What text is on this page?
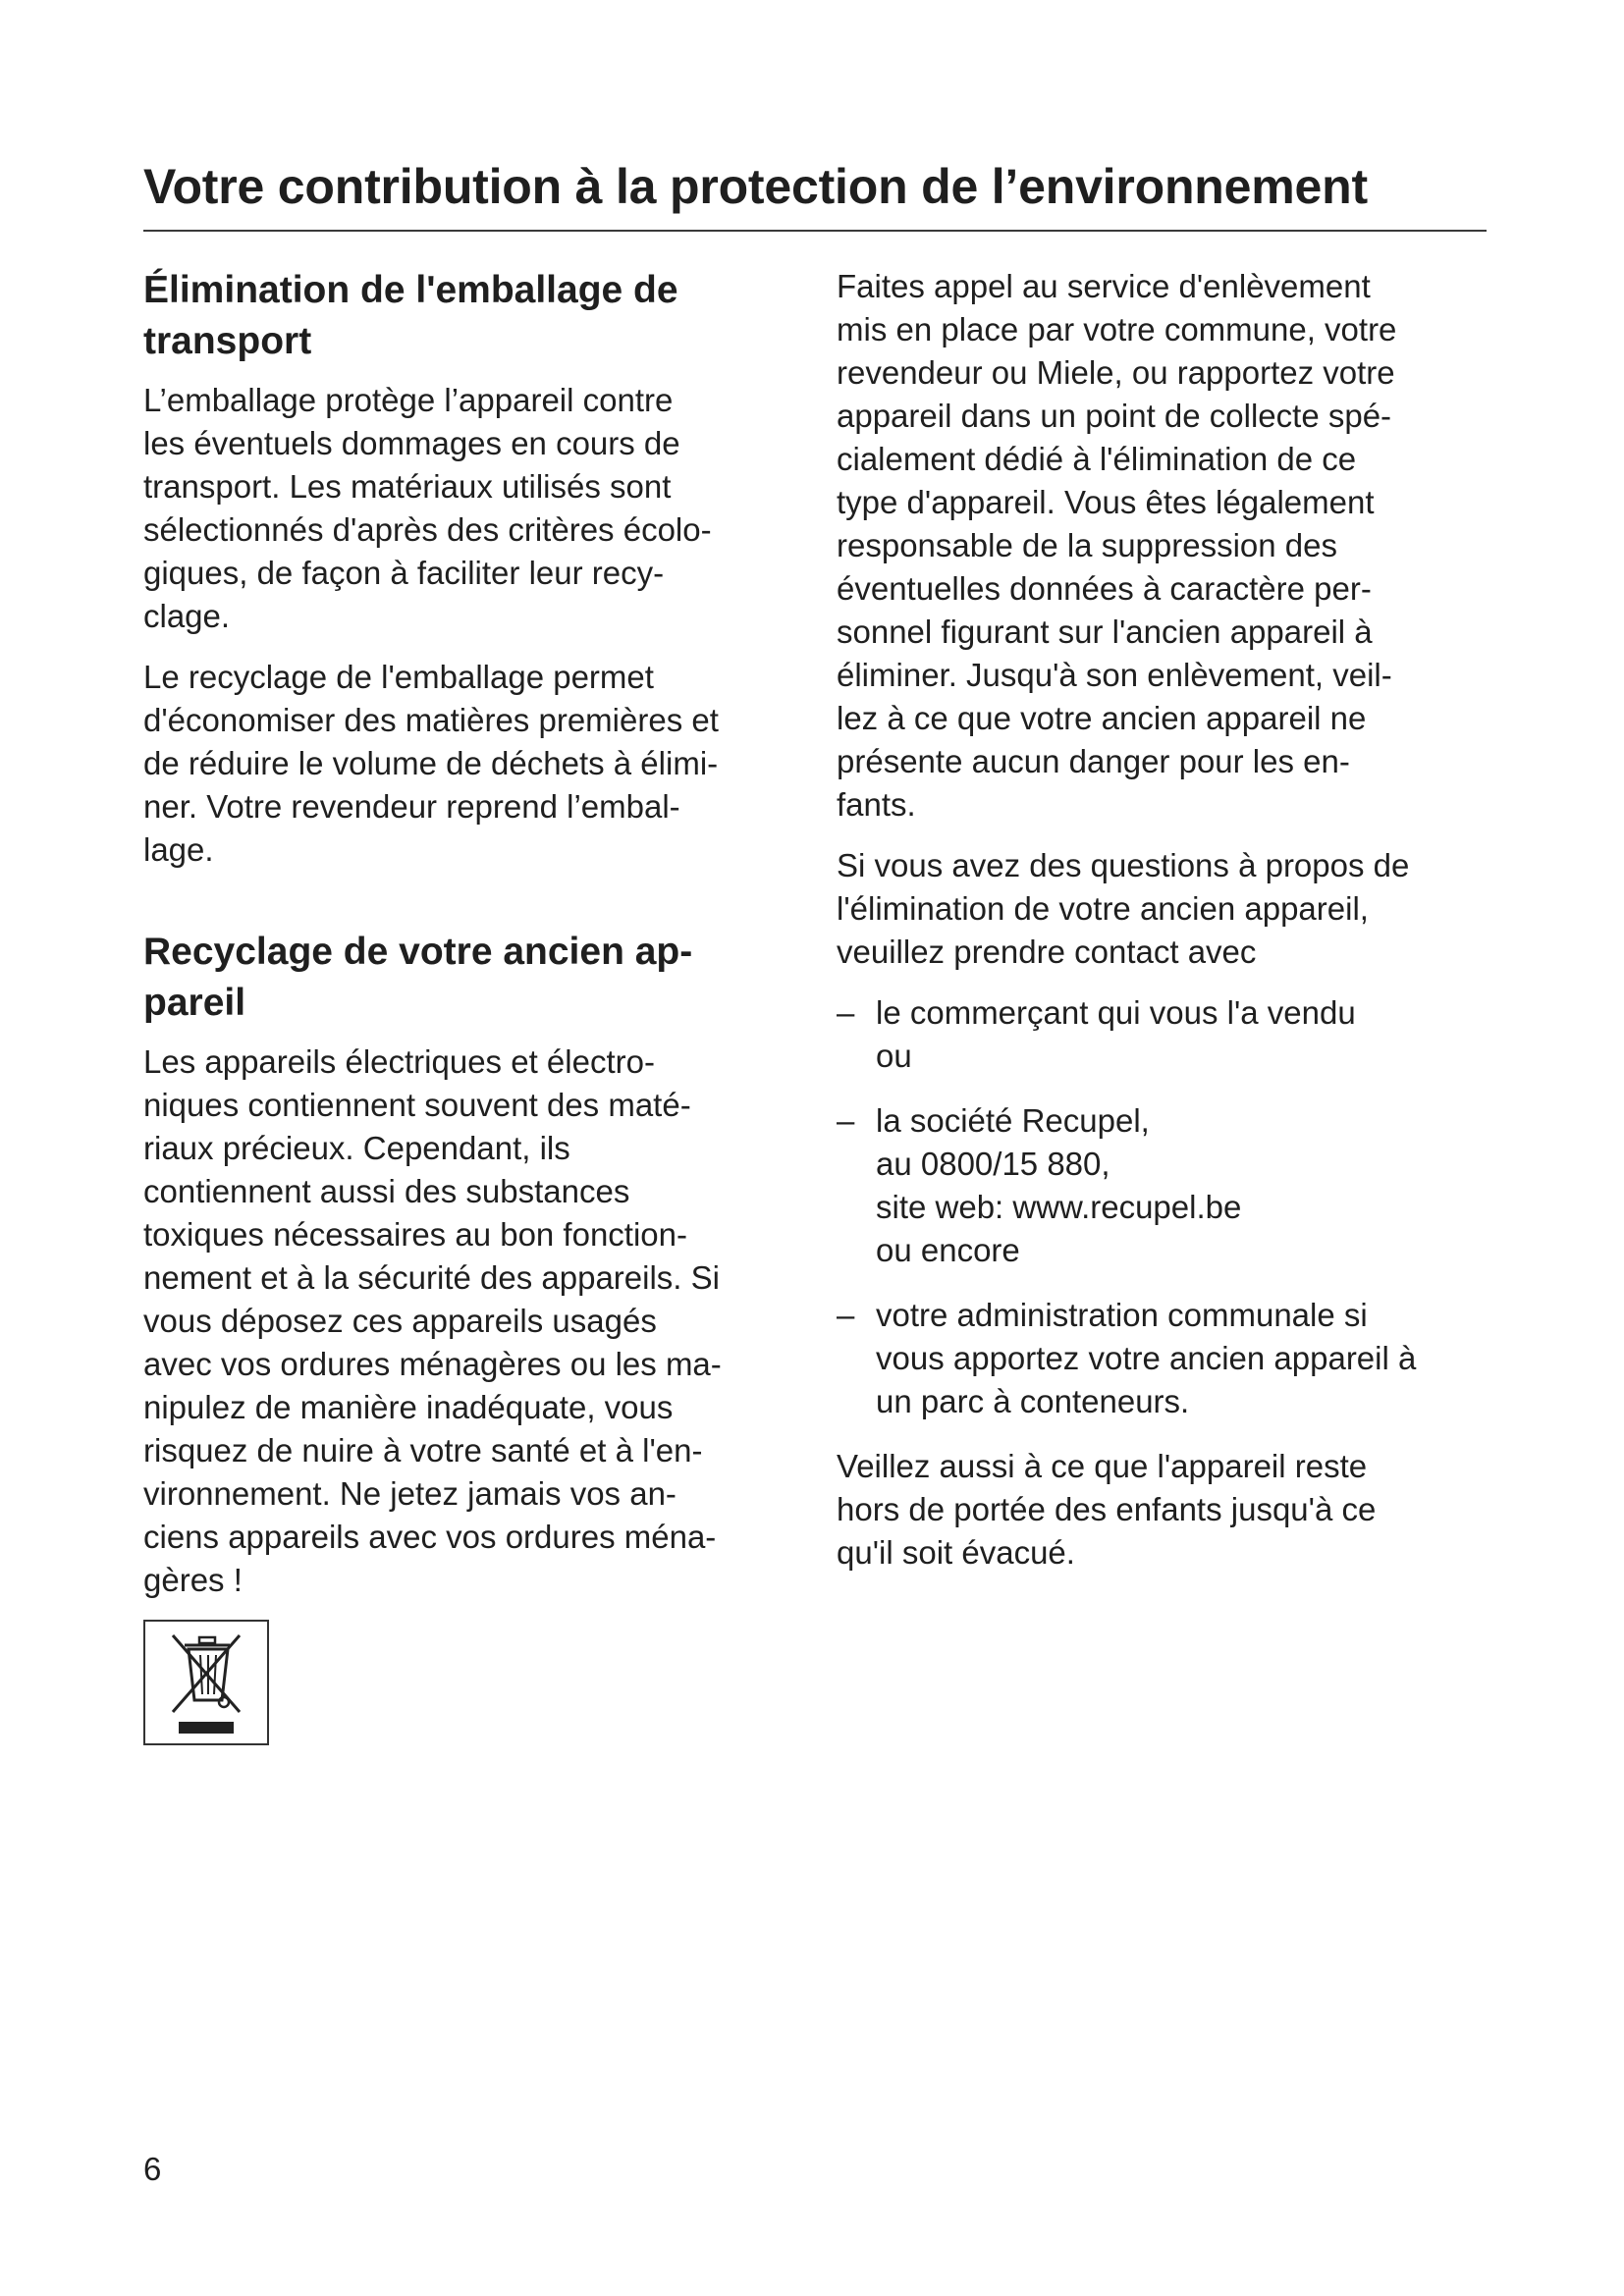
Votre contribution à la protection de l’environnement
Élimination de l'emballage de
transport

L’emballage protège l’appareil contre
les éventuels dommages en cours de
transport. Les matériaux utilisés sont
sélectionnés d'après des critères écolo-
giques, de façon à faciliter leur recy-
clage.

Le recyclage de l'emballage permet
d'économiser des matières premières et
de réduire le volume de déchets à élimi-
ner. Votre revendeur reprend l’embal-
lage.

Recyclage de votre ancien ap-
pareil

Les appareils électriques et électro-
niques contiennent souvent des maté-
riaux précieux. Cependant, ils
contiennent aussi des substances
toxiques nécessaires au bon fonction-
nement et à la sécurité des appareils. Si
vous déposez ces appareils usagés
avec vos ordures ménagères ou les ma-
nipulez de manière inadéquate, vous
risquez de nuire à votre santé et à l'en-
vironnement. Ne jetez jamais vos an-
ciens appareils avec vos ordures ména-
gères !

Faites appel au service d'enlèvement
mis en place par votre commune, votre
revendeur ou Miele, ou rapportez votre
appareil dans un point de collecte spé-
cialement dédié à l'élimination de ce
type d'appareil. Vous êtes légalement
responsable de la suppression des
éventuelles données à caractère per-
sonnel figurant sur l'ancien appareil à
éliminer. Jusqu'à son enlèvement, veil-
lez à ce que votre ancien appareil ne
présente aucun danger pour les en-
fants.

Si vous avez des questions à propos de
l'élimination de votre ancien appareil,
veuillez prendre contact avec

– le commerçant qui vous l'a vendu
ou
– la société Recupel,
au 0800/15 880,
site web: www.recupel.be
ou encore
– votre administration communale si
vous apportez votre ancien appareil à
un parc à conteneurs.

Veillez aussi à ce que l'appareil reste
hors de portée des enfants jusqu'à ce
qu'il soit évacué.

6
